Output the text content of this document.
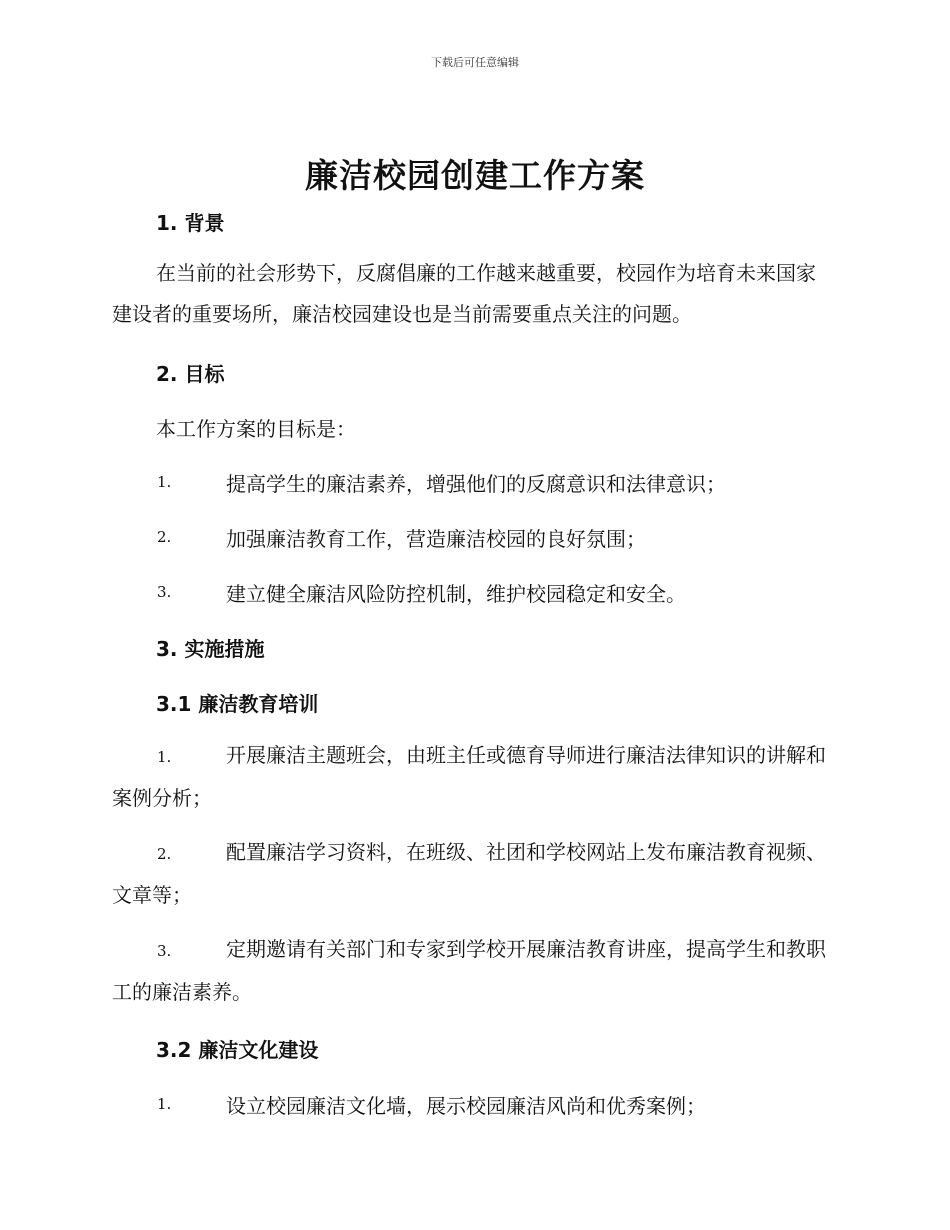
下载后可任意编辑
廉洁校园创建工作方案
1. 背景

在当前的社会形势下，反腐倡廉的工作越来越重要，校园作为培育未来国家建设者的重要场所，廉洁校园建设也是当前需要重点关注的问题。

2. 目标

本工作方案的目标是：

1.	提高学生的廉洁素养，增强他们的反腐意识和法律意识；

2.	加强廉洁教育工作，营造廉洁校园的良好氛围；

3.	建立健全廉洁风险防控机制，维护校园稳定和安全。

3. 实施措施
3.1 廉洁教育培训

1.	开展廉洁主题班会，由班主任或德育导师进行廉洁法律知识的讲解和案例分析；

2.	配置廉洁学习资料，在班级、社团和学校网站上发布廉洁教育视频、文章等；

3.	定期邀请有关部门和专家到学校开展廉洁教育讲座，提高学生和教职工的廉洁素养。

3.2 廉洁文化建设
1.	设立校园廉洁文化墙，展示校园廉洁风尚和优秀案例；
